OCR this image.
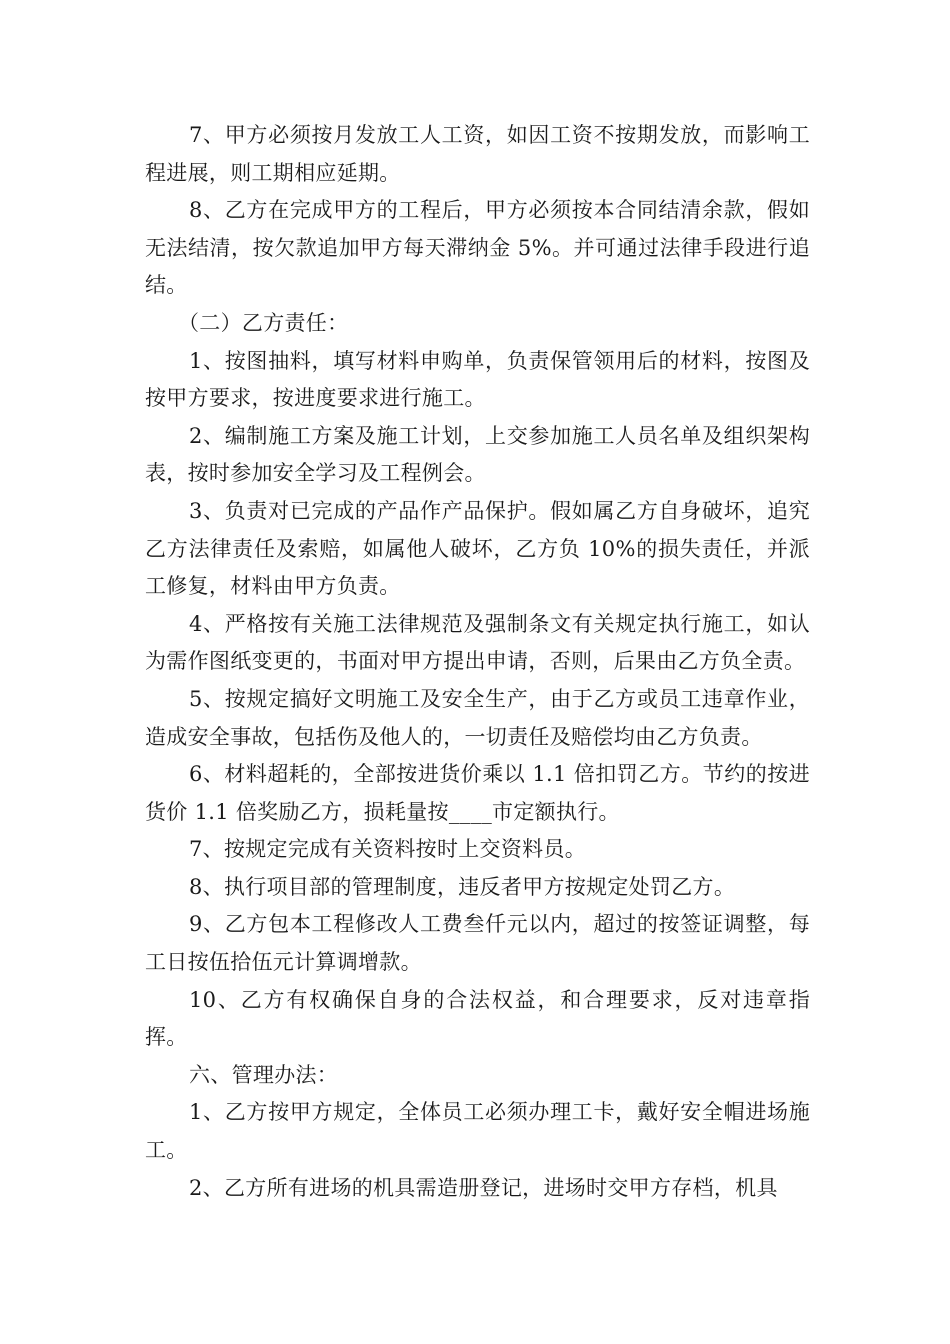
7、甲方必须按月发放工人工资，如因工资不按期发放，而影响工程进展，则工期相应延期。

8、乙方在完成甲方的工程后，甲方必须按本合同结清余款，假如无法结清，按欠款追加甲方每天滞纳金 5%。并可通过法律手段进行追结。

（二）乙方责任：

1、按图抽料，填写材料申购单，负责保管领用后的材料，按图及按甲方要求，按进度要求进行施工。

2、编制施工方案及施工计划，上交参加施工人员名单及组织架构表，按时参加安全学习及工程例会。

3、负责对已完成的产品作产品保护。假如属乙方自身破坏，追究乙方法律责任及索赔，如属他人破坏，乙方负 10%的损失责任，并派工修复，材料由甲方负责。

4、严格按有关施工法律规范及强制条文有关规定执行施工，如认为需作图纸变更的，书面对甲方提出申请，否则，后果由乙方负全责。

5、按规定搞好文明施工及安全生产，由于乙方或员工违章作业，造成安全事故，包括伤及他人的，一切责任及赔偿均由乙方负责。

6、材料超耗的，全部按进货价乘以 1.1 倍扣罚乙方。节约的按进货价 1.1 倍奖励乙方，损耗量按____市定额执行。

7、按规定完成有关资料按时上交资料员。

8、执行项目部的管理制度，违反者甲方按规定处罚乙方。

9、乙方包本工程修改人工费叁仟元以内，超过的按签证调整，每工日按伍拾伍元计算调增款。

10、乙方有权确保自身的合法权益，和合理要求，反对违章指挥。

六、管理办法：

1、乙方按甲方规定，全体员工必须办理工卡，戴好安全帽进场施工。

2、乙方所有进场的机具需造册登记，进场时交甲方存档，机具
